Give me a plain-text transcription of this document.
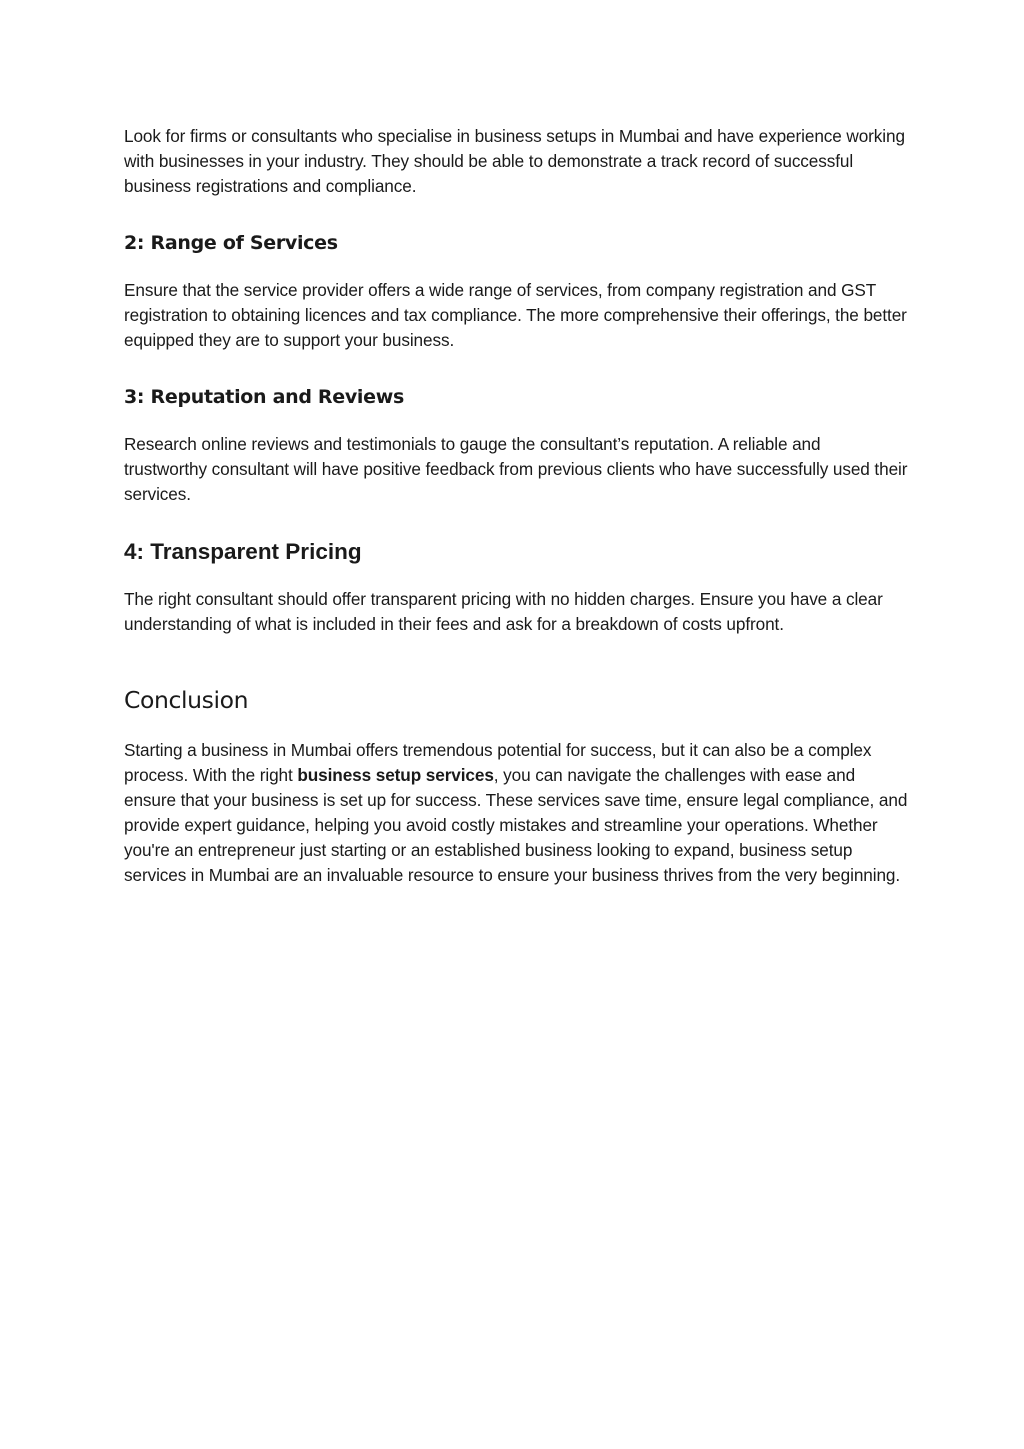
Look for firms or consultants who specialise in business setups in Mumbai and have experience working with businesses in your industry. They should be able to demonstrate a track record of successful business registrations and compliance.

2: Range of Services

Ensure that the service provider offers a wide range of services, from company registration and GST registration to obtaining licences and tax compliance. The more comprehensive their offerings, the better equipped they are to support your business.

3: Reputation and Reviews

Research online reviews and testimonials to gauge the consultant’s reputation. A reliable and trustworthy consultant will have positive feedback from previous clients who have successfully used their services.

4: Transparent Pricing

The right consultant should offer transparent pricing with no hidden charges. Ensure you have a clear understanding of what is included in their fees and ask for a breakdown of costs upfront.

Conclusion

Starting a business in Mumbai offers tremendous potential for success, but it can also be a complex process. With the right business setup services, you can navigate the challenges with ease and ensure that your business is set up for success. These services save time, ensure legal compliance, and provide expert guidance, helping you avoid costly mistakes and streamline your operations. Whether you're an entrepreneur just starting or an established business looking to expand, business setup services in Mumbai are an invaluable resource to ensure your business thrives from the very beginning.
